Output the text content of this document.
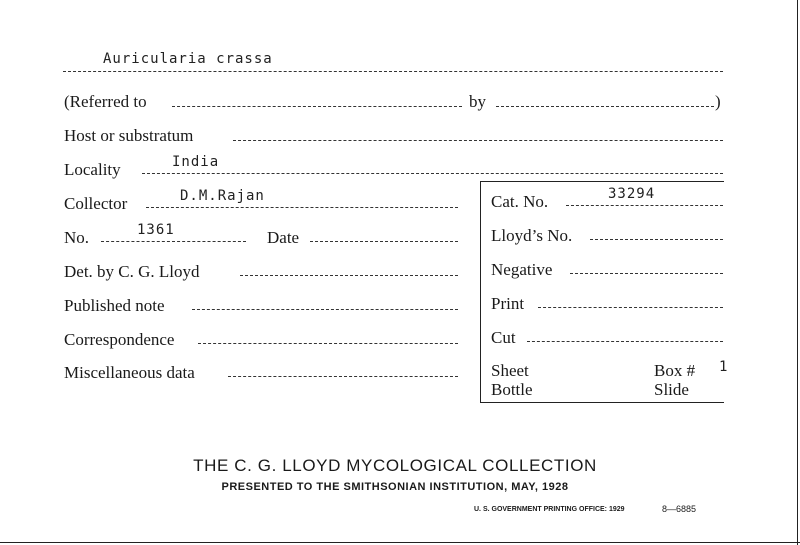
Auricularia crassa
(Referred to	by	)
Host or substratum
Locality	India
Collector	D.M.Rajan
No.	1361	Date
Det. by C. G. Lloyd
Published note
Correspondence
Miscellaneous data
Cat. No.	33294
Lloyd’s No.
Negative
Print
Cut
Sheet	Box # 1
Bottle	Slide
THE C. G. LLOYD MYCOLOGICAL COLLECTION
PRESENTED TO THE SMITHSONIAN INSTITUTION, MAY, 1928
U. S. GOVERNMENT PRINTING OFFICE: 1929	8—6885
